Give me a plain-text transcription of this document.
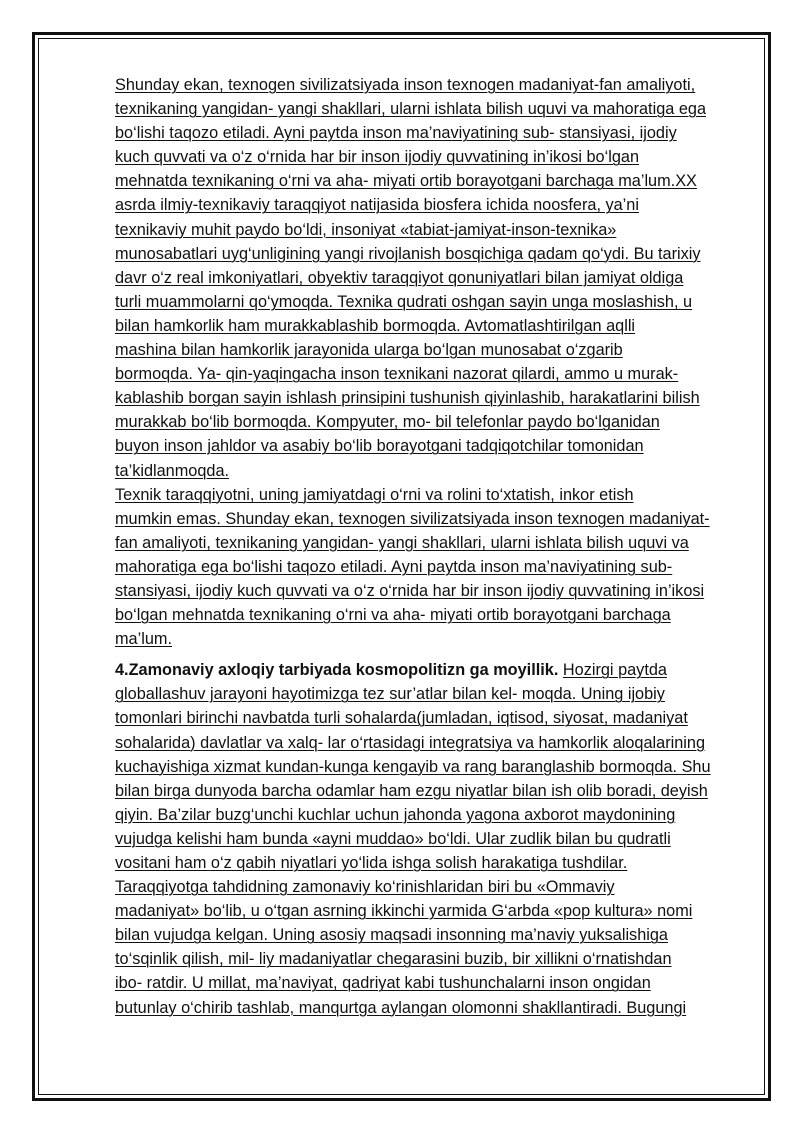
Shunday ekan, texnogen sivilizatsiyada inson texnogen madaniyat-fan amaliyoti,
texnikaning yangidan- yangi shakllari, ularni ishlata bilish uquvi va mahoratiga ega
bo‘lishi taqozo etiladi. Ayni paytda inson ma’naviyatining sub- stansiyasi, ijodiy
kuch quvvati va o‘z o‘rnida har bir inson ijodiy quvvatining in’ikosi bo‘lgan
mehnatda texnikaning o‘rni va aha- miyati ortib borayotgani barchaga ma’lum.XX
asrda ilmiy-texnikaviy taraqqiyot natijasida biosfera ichida noosfera, ya’ni
texnikaviy muhit paydo bo‘ldi, insoniyat «tabiat-jamiyat-inson-texnika»
munosabatlari uyg‘unligining yangi rivojlanish bosqichiga qadam qo‘ydi. Bu tarixiy
davr o‘z real imkoniyatlari, obyektiv taraqqiyot qonuniyatlari bilan jamiyat oldiga
turli muammolarni qo‘ymoqda. Texnika qudrati oshgan sayin unga moslashish, u
bilan hamkorlik ham murakkablashib bormoqda. Avtomatlashtirilgan aqlli
mashina bilan hamkorlik jarayonida ularga bo‘lgan munosabat o‘zgarib
bormoqda. Ya- qin-yaqingacha inson texnikani nazorat qilardi, ammo u murak-
kablashib borgan sayin ishlash prinsipini tushunish qiyinlashib, harakatlarini bilish
murakkab bo‘lib bormoqda. Kompyuter, mo- bil telefonlar paydo bo‘lganidan
buyon inson jahldor va asabiy bo‘lib borayotgani tadqiqotchilar tomonidan
ta’kidlanmoqda.
Texnik taraqqiyotni, uning jamiyatdagi o‘rni va rolini to‘xtatish, inkor etish
mumkin emas. Shunday ekan, texnogen sivilizatsiyada inson texnogen madaniyat-
fan amaliyoti, texnikaning yangidan- yangi shakllari, ularni ishlata bilish uquvi va
mahoratiga ega bo‘lishi taqozo etiladi. Ayni paytda inson ma’naviyatining sub-
stansiyasi, ijodiy kuch quvvati va o‘z o‘rnida har bir inson ijodiy quvvatining in’ikosi
bo‘lgan mehnatda texnikaning o‘rni va aha- miyati ortib borayotgani barchaga
ma’lum.
4.Zamonaviy axloqiy tarbiyada kosmopolitizn ga moyillik. Hozirgi paytda
globallashuv jarayoni hayotimizga tez sur’atlar bilan kel- moqda. Uning ijobiy
tomonlari birinchi navbatda turli sohalarda(jumladan, iqtisod, siyosat, madaniyat
sohalarida) davlatlar va xalq- lar o‘rtasidagi integratsiya va hamkorlik aloqalarining
kuchayishiga xizmat kundan-kunga kengayib va rang baranglashib bormoqda. Shu
bilan birga dunyoda barcha odamlar ham ezgu niyatlar bilan ish olib boradi, deyish
qiyin. Ba’zilar buzg‘unchi kuchlar uchun jahonda yagona axborot maydonining
vujudga kelishi ham bunda «ayni muddao» bo‘ldi. Ular zudlik bilan bu qudratli
vositani ham o‘z qabih niyatlari yo‘lida ishga solish harakatiga tushdilar.
Taraqqiyotga tahdidning zamonaviy ko‘rinishlaridan biri bu «Ommaviy
madaniyat» bo‘lib, u o‘tgan asrning ikkinchi yarmida G‘arbda «pop kultura» nomi
bilan vujudga kelgan. Uning asosiy maqsadi insonning ma’naviy yuksalishiga
to‘sqinlik qilish, mil- liy madaniyatlar chegarasini buzib, bir xillikni o‘rnatishdan
ibo- ratdir. U millat, ma’naviyat, qadriyat kabi tushunchalarni inson ongidan
butunlay o‘chirib tashlab, manqurtga aylangan olomonni shakllantiradi. Bugungi
